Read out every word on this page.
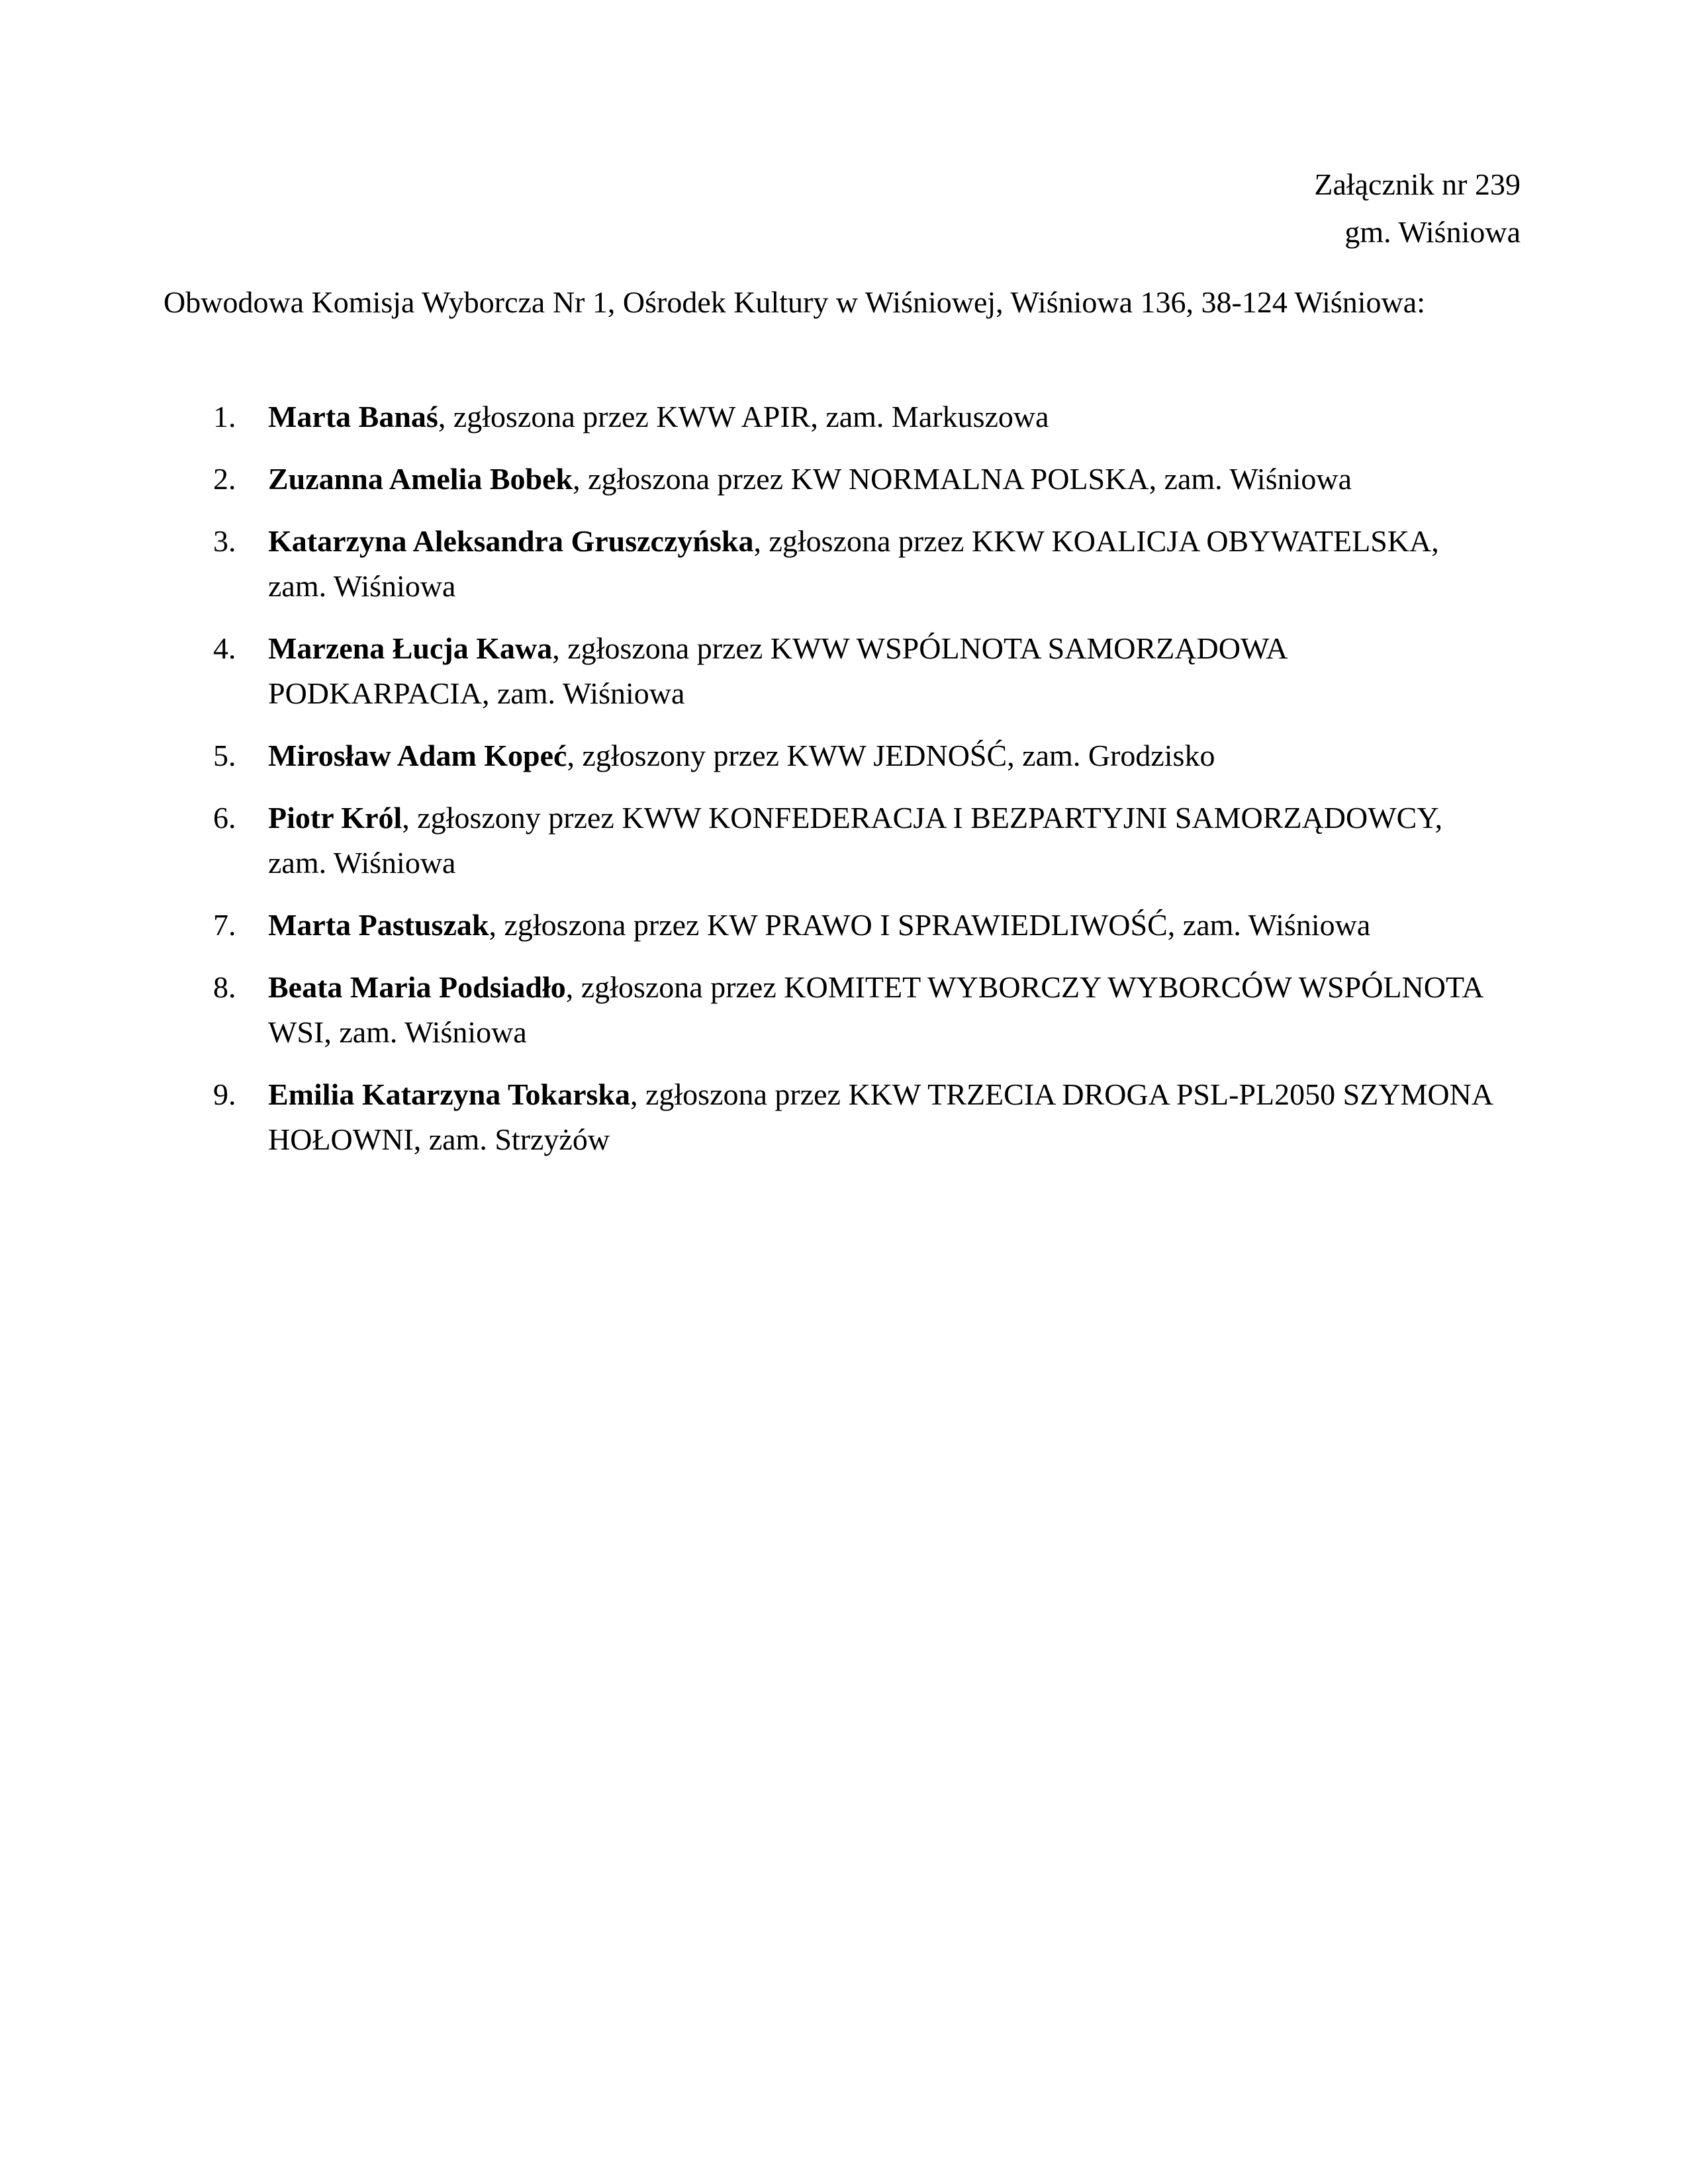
Załącznik nr 239
gm. Wiśniowa
Obwodowa Komisja Wyborcza Nr 1, Ośrodek Kultury w Wiśniowej, Wiśniowa 136, 38-124 Wiśniowa:
1. Marta Banaś, zgłoszona przez KWW APIR, zam. Markuszowa
2. Zuzanna Amelia Bobek, zgłoszona przez KW NORMALNA POLSKA, zam. Wiśniowa
3. Katarzyna Aleksandra Gruszczyńska, zgłoszona przez KKW KOALICJA OBYWATELSKA, zam. Wiśniowa
4. Marzena Łucja Kawa, zgłoszona przez KWW WSPÓLNOTA SAMORZĄDOWA PODKARPACIA, zam. Wiśniowa
5. Mirosław Adam Kopeć, zgłoszony przez KWW JEDNOŚĆ, zam. Grodzisko
6. Piotr Król, zgłoszony przez KWW KONFEDERACJA I BEZPARTYJNI SAMORZĄDOWCY, zam. Wiśniowa
7. Marta Pastuszak, zgłoszona przez KW PRAWO I SPRAWIEDLIWOŚĆ, zam. Wiśniowa
8. Beata Maria Podsiadło, zgłoszona przez KOMITET WYBORCZY WYBORCÓW WSPÓLNOTA WSI, zam. Wiśniowa
9. Emilia Katarzyna Tokarska, zgłoszona przez KKW TRZECIA DROGA PSL-PL2050 SZYMONA HOŁOWNI, zam. Strzyżów
